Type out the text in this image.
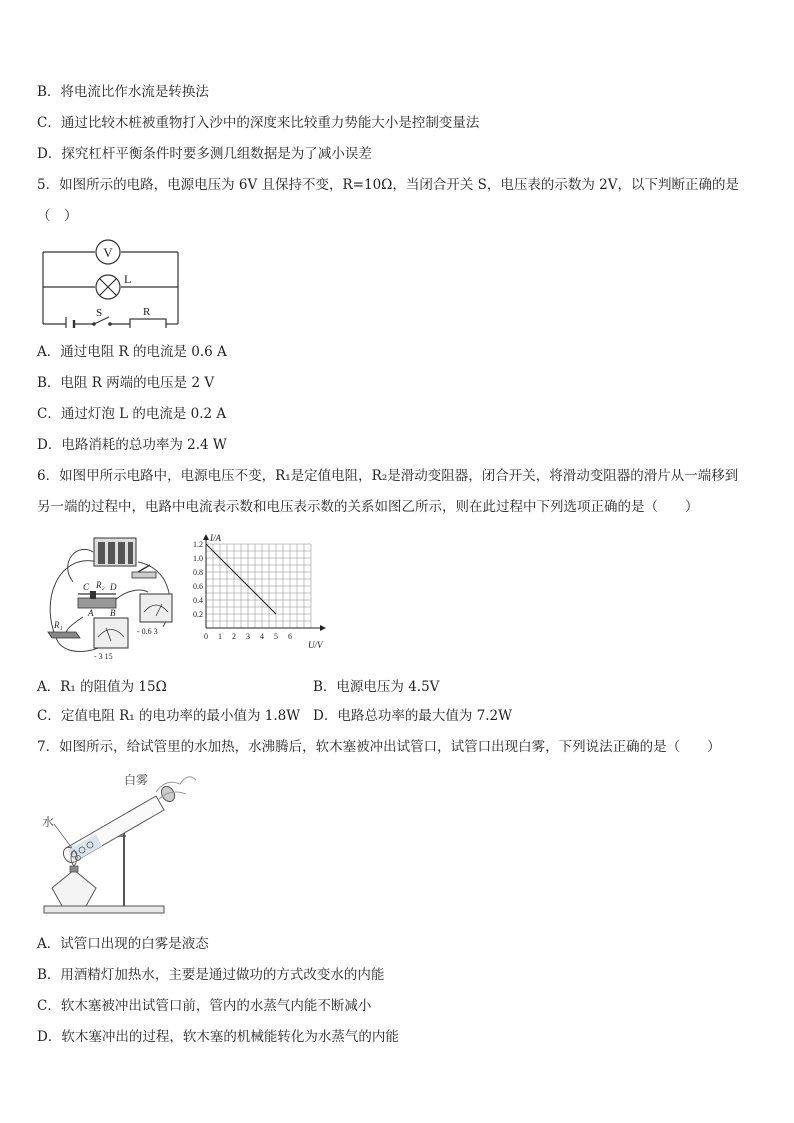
B．将电流比作水流是转换法
C．通过比较木桩被重物打入沙中的深度来比较重力势能大小是控制变量法
D．探究杠杆平衡条件时要多测几组数据是为了减小误差
5．如图所示的电路，电源电压为 6V 且保持不变，R=10Ω，当闭合开关 S，电压表的示数为 2V，以下判断正确的是
（　）
V
L
S	R
A．通过电阻 R 的电流是 0.6 A
B．电阻 R 两端的电压是 2 V
C．通过灯泡 L 的电流是 0.2 A
D．电路消耗的总功率为 2.4 W
6．如图甲所示电路中，电源电压不变，R₁是定值电阻，R₂是滑动变阻器，闭合开关，将滑动变阻器的滑片从一端移到
另一端的过程中，电路中电流表示数和电压表示数的关系如图乙所示，则在此过程中下列选项正确的是（　　）
C R₂ D
A B
R₁
- 0.6 3
- 3 15
1.2
1.0
0.8
0.6
0.4
0.2
0 1 2 3 4 5 6
I/A
U/V
A．R₁ 的阻值为 15Ω	B．电源电压为 4.5V
C．定值电阻 R₁ 的电功率的最小值为 1.8W D．电路总功率的最大值为 7.2W
7．如图所示，给试管里的水加热，水沸腾后，软木塞被冲出试管口，试管口出现白雾，下列说法正确的是（　　）
白雾
水
A．试管口出现的白雾是液态
B．用酒精灯加热水，主要是通过做功的方式改变水的内能
C．软木塞被冲出试管口前，管内的水蒸气内能不断减小
D．软木塞冲出的过程，软木塞的机械能转化为水蒸气的内能
